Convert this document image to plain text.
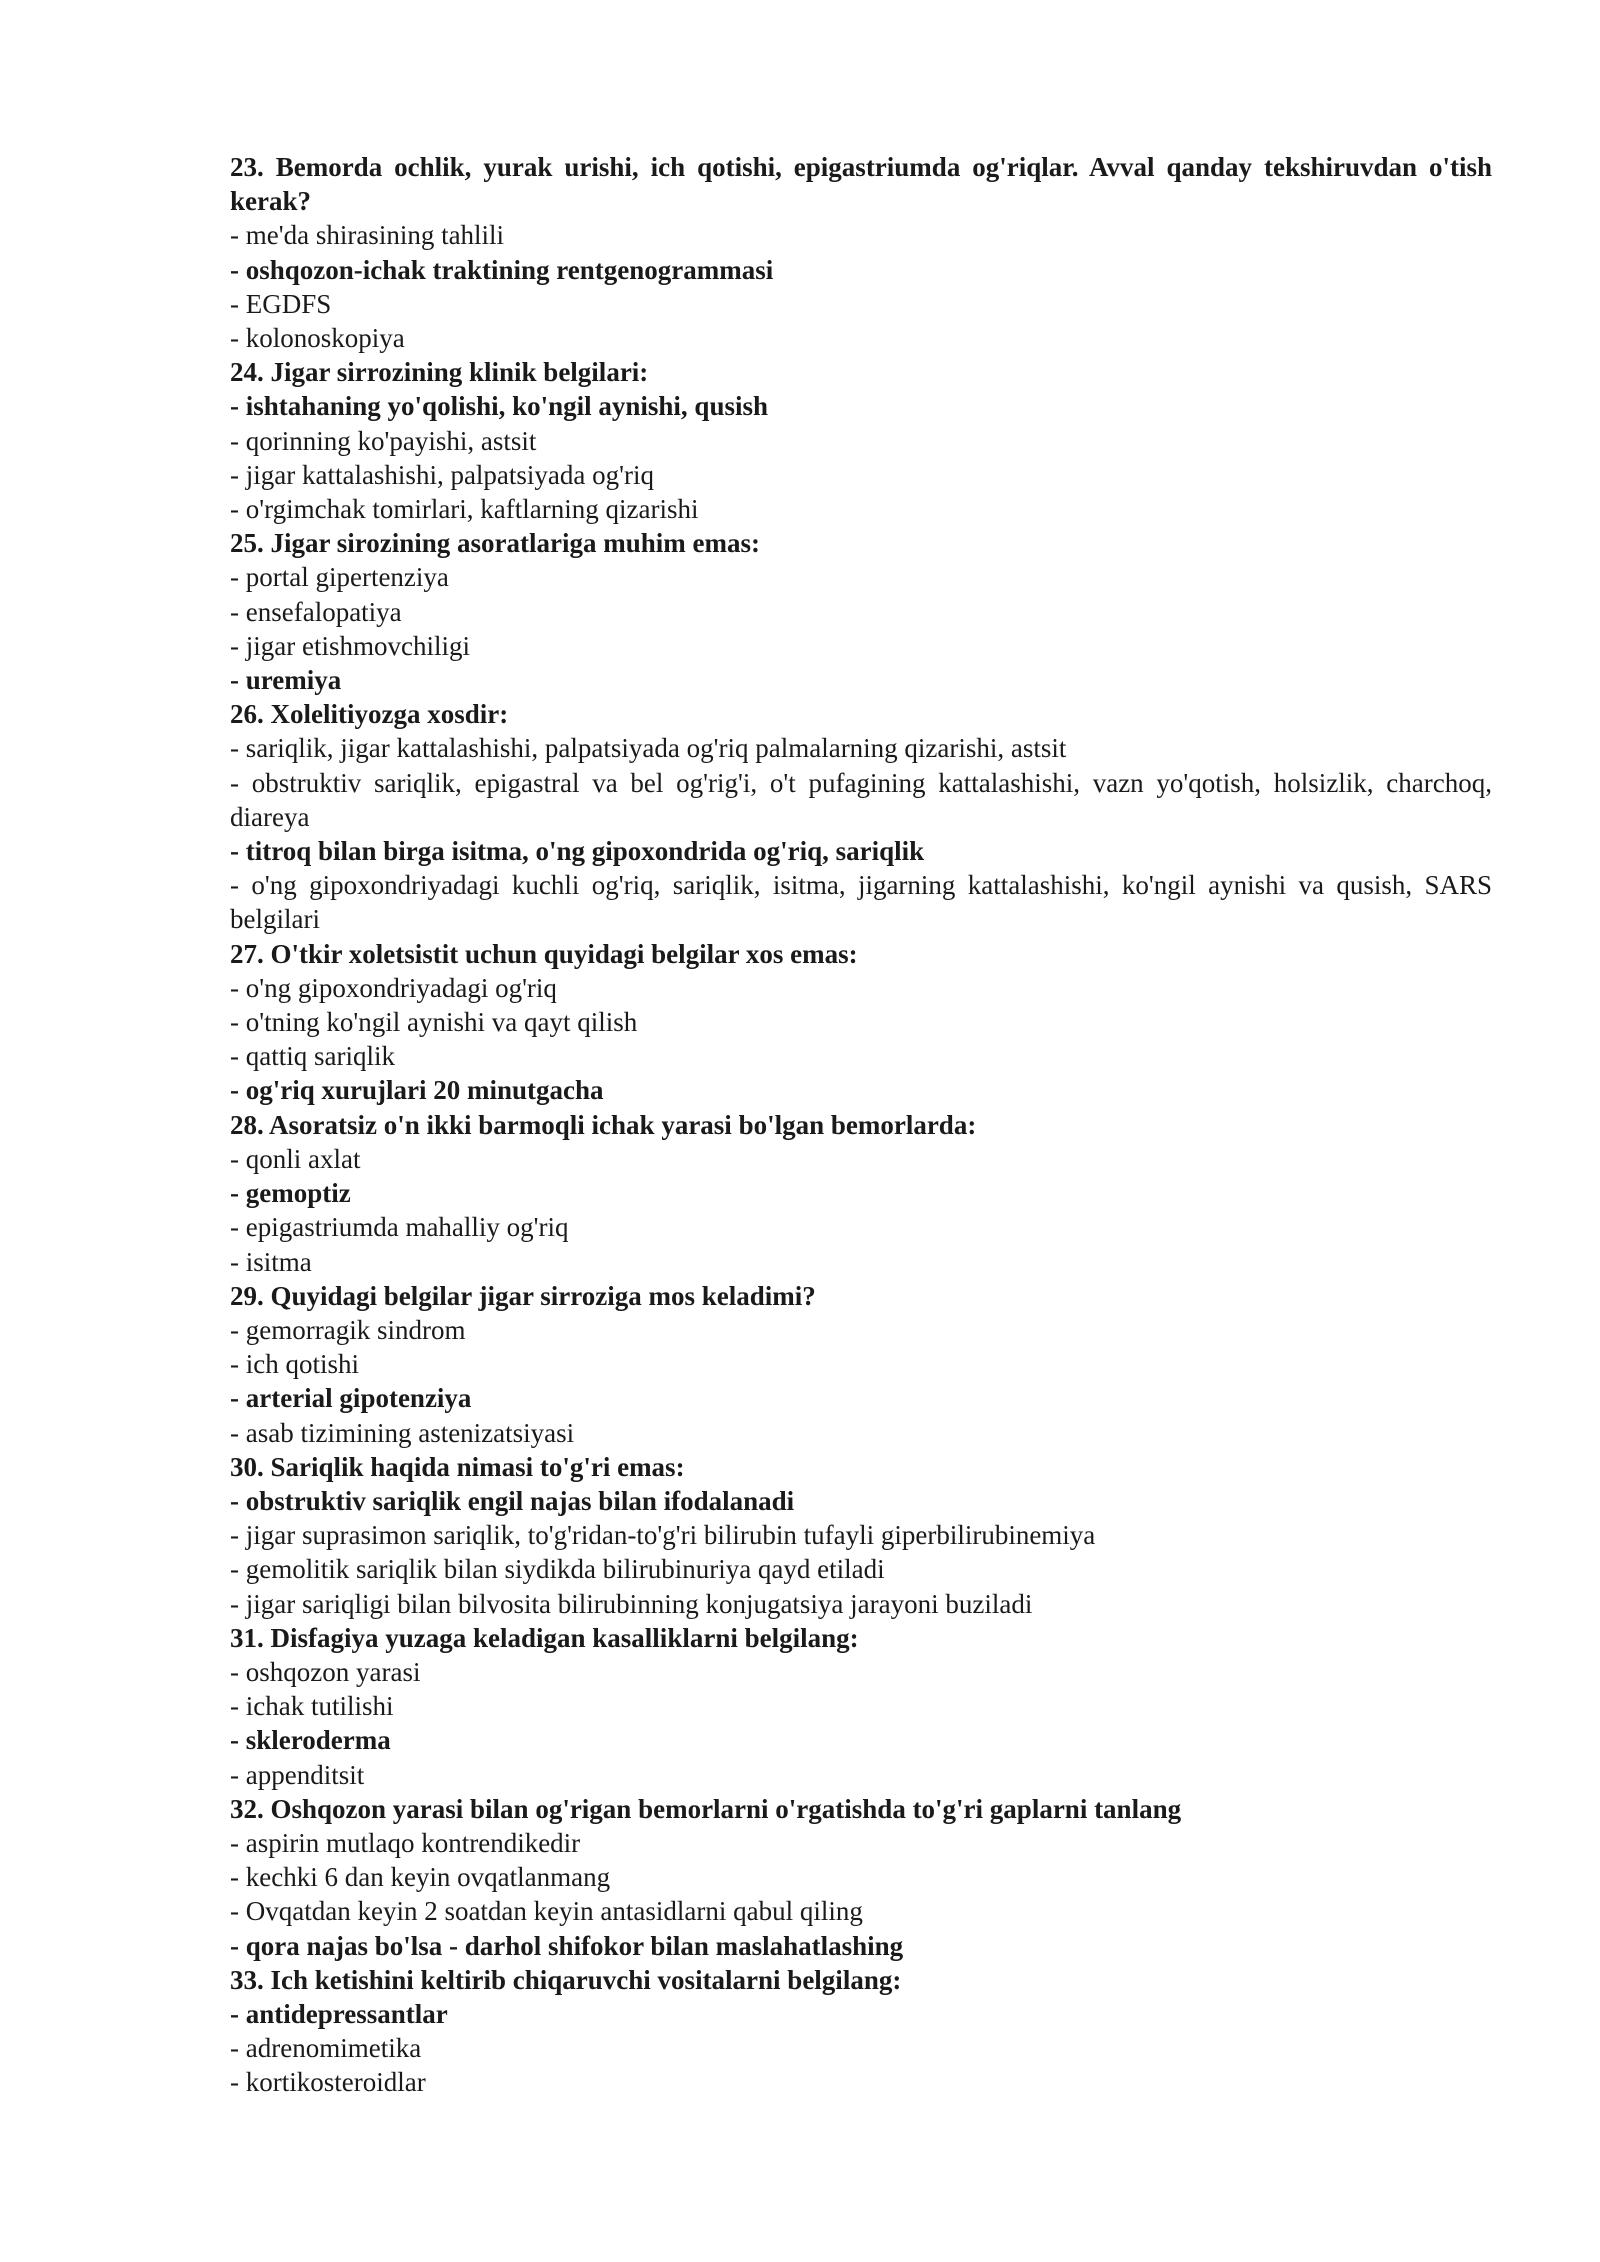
23. Bemorda ochlik, yurak urishi, ich qotishi, epigastriumda og'riqlar. Avval qanday tekshiruvdan o'tish kerak?
- me'da shirasining tahlili
- oshqozon-ichak traktining rentgenogrammasi
- EGDFS
- kolonoskopiya
24. Jigar sirrozining klinik belgilari:
- ishtahaning yo'qolishi, ko'ngil aynishi, qusish
- qorinning ko'payishi, astsit
- jigar kattalashishi, palpatsiyada og'riq
- o'rgimchak tomirlari, kaftlarning qizarishi
25. Jigar sirozining asoratlariga muhim emas:
- portal gipertenziya
- ensefalopatiya
- jigar etishmovchiligi
- uremiya
26. Xolelitiyozga xosdir:
- sariqlik, jigar kattalashishi, palpatsiyada og'riq palmalarning qizarishi, astsit
- obstruktiv sariqlik, epigastral va bel og'rig'i, o't pufagining kattalashishi, vazn yo'qotish, holsizlik, charchoq, diareya
- titroq bilan birga isitma, o'ng gipoxondrida og'riq, sariqlik
- o'ng gipoxondriyadagi kuchli og'riq, sariqlik, isitma, jigarning kattalashishi, ko'ngil aynishi va qusish, SARS belgilari
27. O'tkir xoletsistit uchun quyidagi belgilar xos emas:
- o'ng gipoxondriyadagi og'riq
- o'tning ko'ngil aynishi va qayt qilish
- qattiq sariqlik
- og'riq xurujlari 20 minutgacha
28. Asoratsiz o'n ikki barmoqli ichak yarasi bo'lgan bemorlarda:
- qonli axlat
- gemoptiz
- epigastriumda mahalliy og'riq
- isitma
29. Quyidagi belgilar jigar sirroziga mos keladimi?
- gemorragik sindrom
- ich qotishi
- arterial gipotenziya
- asab tizimining astenizatsiyasi
30. Sariqlik haqida nimasi to'g'ri emas:
- obstruktiv sariqlik engil najas bilan ifodalanadi
- jigar suprasimon sariqlik, to'g'ridan-to'g'ri bilirubin tufayli giperbilirubinemiya
- gemolitik sariqlik bilan siydikda bilirubinuriya qayd etiladi
- jigar sariqligi bilan bilvosita bilirubinning konjugatsiya jarayoni buziladi
31. Disfagiya yuzaga keladigan kasalliklarni belgilang:
- oshqozon yarasi
- ichak tutilishi
- skleroderma
- appenditsit
32. Oshqozon yarasi bilan og'rigan bemorlarni o'rgatishda to'g'ri gaplarni tanlang
- aspirin mutlaqo kontrendikedir
- kechki 6 dan keyin ovqatlanmang
- Ovqatdan keyin 2 soatdan keyin antasidlarni qabul qiling
- qora najas bo'lsa - darhol shifokor bilan maslahatlashing
33. Ich ketishini keltirib chiqaruvchi vositalarni belgilang:
- antidepressantlar
- adrenomimetika
- kortikosteroidlar
